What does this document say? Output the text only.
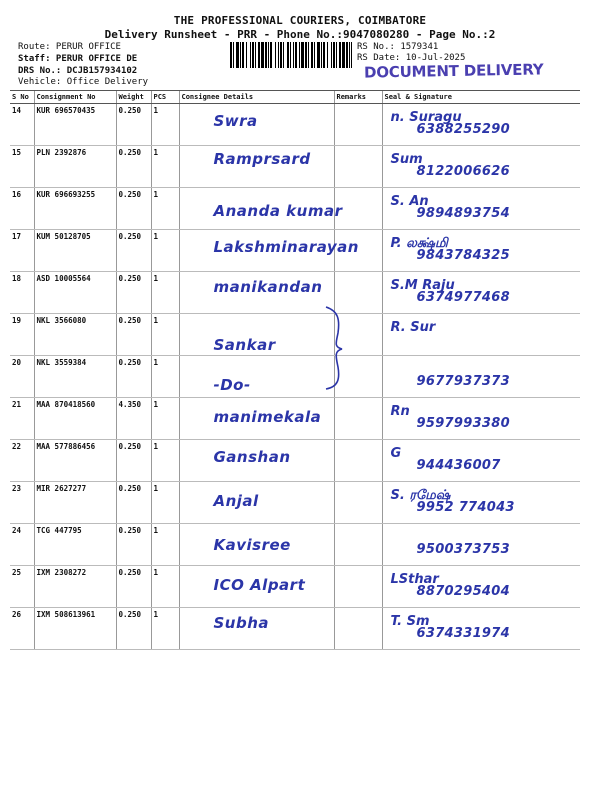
THE PROFESSIONAL COURIERS, COIMBATORE
Delivery Runsheet - PRR - Phone No.:9047080280 - Page No.:2
Route: PERUR OFFICE
Staff: PERUR OFFICE DE
DRS No.: DCJB157934102
Vehicle: Office Delivery
RS No.: 1579341
RS Date: 10-Jul-2025
DOCUMENT DELIVERY
S No	Consignment No	Weight	PCS	Consignee Details	Remarks	Seal & Signature
14	KUR 696570435	0.250	1	Swra		n. Suragu
6388255290

15	PLN 2392876	0.250	1	Ramprsard		Sum
8122006626

16	KUR 696693255	0.250	1	Ananda kumar		S. An
9894893754

17	KUM 50128705	0.250	1	Lakshminarayan		P. லக்ஷ்மி
9843784325

18	ASD 10005564	0.250	1	manikandan		S.M Raju
6374977468

19	NKL 3566080	0.250	1	Sankar		R. Sur

20	NKL 3559384	0.250	1	-Do-		9677937373

21	MAA 870418560	4.350	1	manimekala		Rn
9597993380

22	MAA 577886456	0.250	1	Ganshan		G
944436007

23	MIR 2627277	0.250	1	Anjal		S. ரமேஷ்
9952 774043

24	TCG 447795	0.250	1	Kavisree		9500373753

25	IXM 2308272	0.250	1	ICO Alpart		LSthar
8870295404

26	IXM 508613961	0.250	1	Subha		T. Sm
6374331974
